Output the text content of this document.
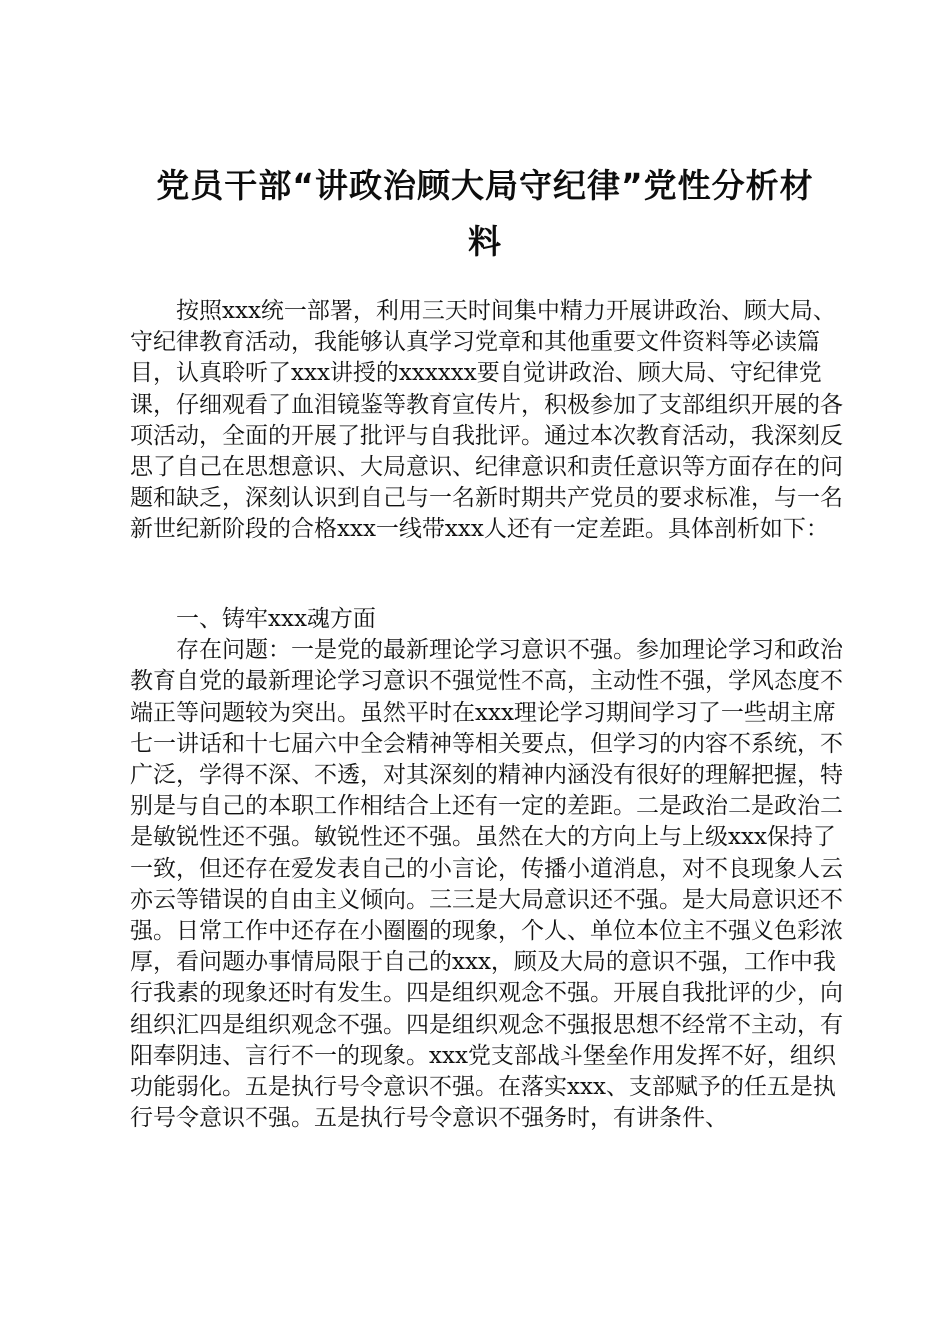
党员干部“讲政治顾大局守纪律”党性分析材
料

按照xxx统一部署，利用三天时间集中精力开展讲政治、顾大局、守纪律教育活动，我能够认真学习党章和其他重要文件资料等必读篇目，认真聆听了xxx讲授的xxxxxx要自觉讲政治、顾大局、守纪律党课，仔细观看了血泪镜鉴等教育宣传片，积极参加了支部组织开展的各项活动，全面的开展了批评与自我批评。通过本次教育活动，我深刻反思了自己在思想意识、大局意识、纪律意识和责任意识等方面存在的问题和缺乏，深刻认识到自己与一名新时期共产党员的要求标准，与一名新世纪新阶段的合格xxx一线带xxx人还有一定差距。具体剖析如下：

一、铸牢xxx魂方面

存在问题：一是党的最新理论学习意识不强。参加理论学习和政治教育自党的最新理论学习意识不强觉性不高，主动性不强，学风态度不端正等问题较为突出。虽然平时在xxx理论学习期间学习了一些胡主席七一讲话和十七届六中全会精神等相关要点，但学习的内容不系统，不广泛，学得不深、不透，对其深刻的精神内涵没有很好的理解把握，特别是与自己的本职工作相结合上还有一定的差距。二是政治二是政治二是敏锐性还不强。敏锐性还不强。虽然在大的方向上与上级xxx保持了一致，但还存在爱发表自己的小言论，传播小道消息，对不良现象人云亦云等错误的自由主义倾向。三三是大局意识还不强。是大局意识还不强。日常工作中还存在小圈圈的现象，个人、单位本位主不强义色彩浓厚，看问题办事情局限于自己的xxx，顾及大局的意识不强，工作中我行我素的现象还时有发生。四是组织观念不强。开展自我批评的少，向组织汇四是组织观念不强。四是组织观念不强报思想不经常不主动，有阳奉阴违、言行不一的现象。xxx党支部战斗堡垒作用发挥不好，组织功能弱化。五是执行号令意识不强。在落实xxx、支部赋予的任五是执行号令意识不强。五是执行号令意识不强务时，有讲条件、
